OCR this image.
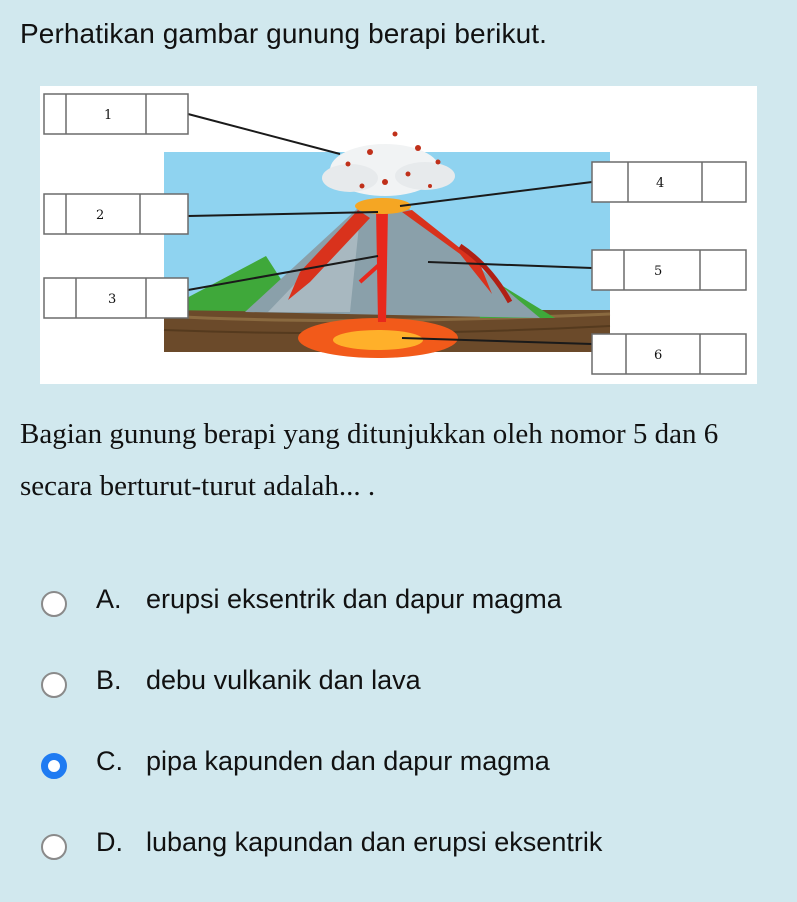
Perhatikan gambar gunung berapi berikut.
1
2
3
4
5
6
Bagian gunung berapi yang ditunjukkan oleh nomor 5 dan 6 secara berturut-turut adalah... .
A. erupsi eksentrik dan dapur magma
B. debu vulkanik dan lava
C. pipa kapunden dan dapur magma
D. lubang kapundan dan erupsi eksentrik
